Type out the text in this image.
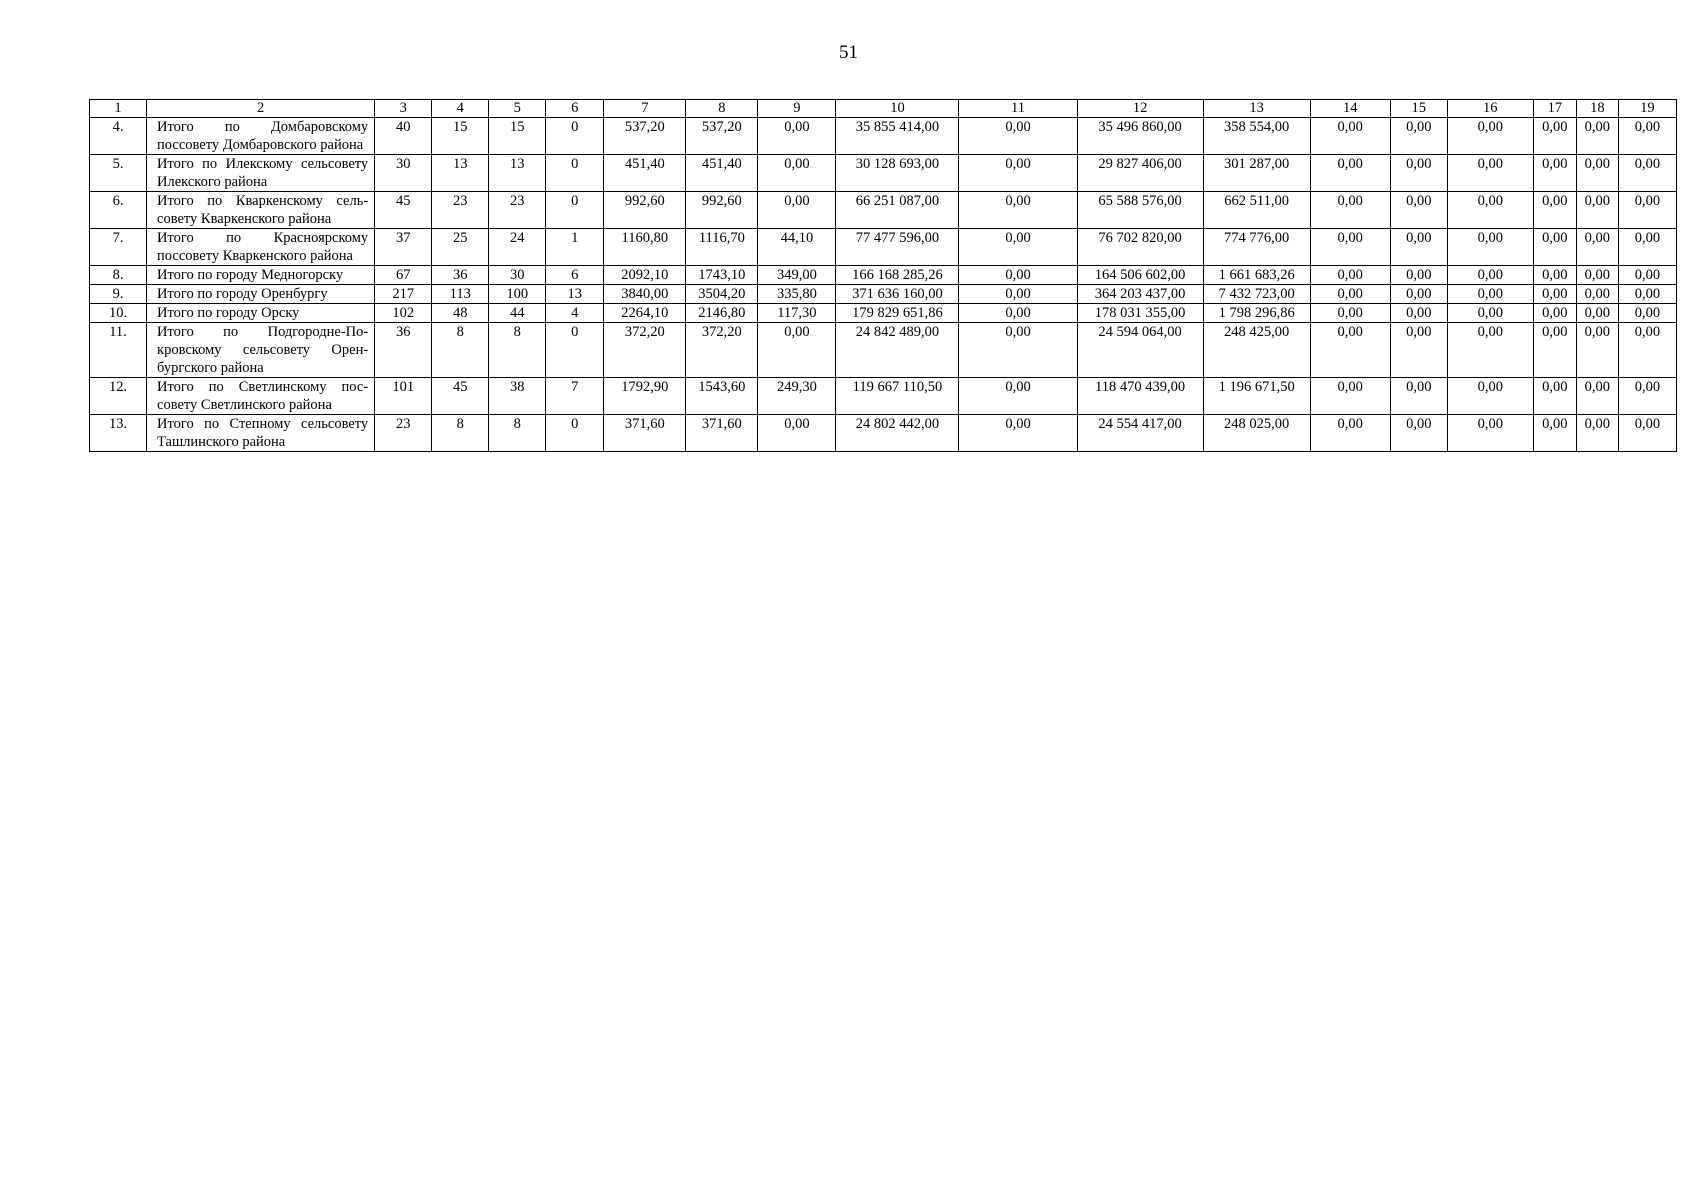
51
1	2	3	4	5	6	7	8	9	10	11	12	13	14	15	16	17	18	19
4.	Итого по Домбаровскому поссовету Домбаровского района	40	15	15	0	537,20	537,20	0,00	35 855 414,00	0,00	35 496 860,00	358 554,00	0,00	0,00	0,00	0,00	0,00	0,00
5.	Итого по Илекскому сельсовету Илекского района	30	13	13	0	451,40	451,40	0,00	30 128 693,00	0,00	29 827 406,00	301 287,00	0,00	0,00	0,00	0,00	0,00	0,00
6.	Итого по Кваркенскому сельсовету Кваркенского района	45	23	23	0	992,60	992,60	0,00	66 251 087,00	0,00	65 588 576,00	662 511,00	0,00	0,00	0,00	0,00	0,00	0,00
7.	Итого по Красноярскому поссовету Кваркенского района	37	25	24	1	1160,80	1116,70	44,10	77 477 596,00	0,00	76 702 820,00	774 776,00	0,00	0,00	0,00	0,00	0,00	0,00
8.	Итого по городу Медногорску	67	36	30	6	2092,10	1743,10	349,00	166 168 285,26	0,00	164 506 602,00	1 661 683,26	0,00	0,00	0,00	0,00	0,00	0,00
9.	Итого по городу Оренбургу	217	113	100	13	3840,00	3504,20	335,80	371 636 160,00	0,00	364 203 437,00	7 432 723,00	0,00	0,00	0,00	0,00	0,00	0,00
10.	Итого по городу Орску	102	48	44	4	2264,10	2146,80	117,30	179 829 651,86	0,00	178 031 355,00	1 798 296,86	0,00	0,00	0,00	0,00	0,00	0,00
11.	Итого по Подгородне-Покровскому сельсовету Оренбургского района	36	8	8	0	372,20	372,20	0,00	24 842 489,00	0,00	24 594 064,00	248 425,00	0,00	0,00	0,00	0,00	0,00	0,00
12.	Итого по Светлинскому поссовету Светлинского района	101	45	38	7	1792,90	1543,60	249,30	119 667 110,50	0,00	118 470 439,00	1 196 671,50	0,00	0,00	0,00	0,00	0,00	0,00
13.	Итого по Степному сельсовету Ташлинского района	23	8	8	0	371,60	371,60	0,00	24 802 442,00	0,00	24 554 417,00	248 025,00	0,00	0,00	0,00	0,00	0,00	0,00
